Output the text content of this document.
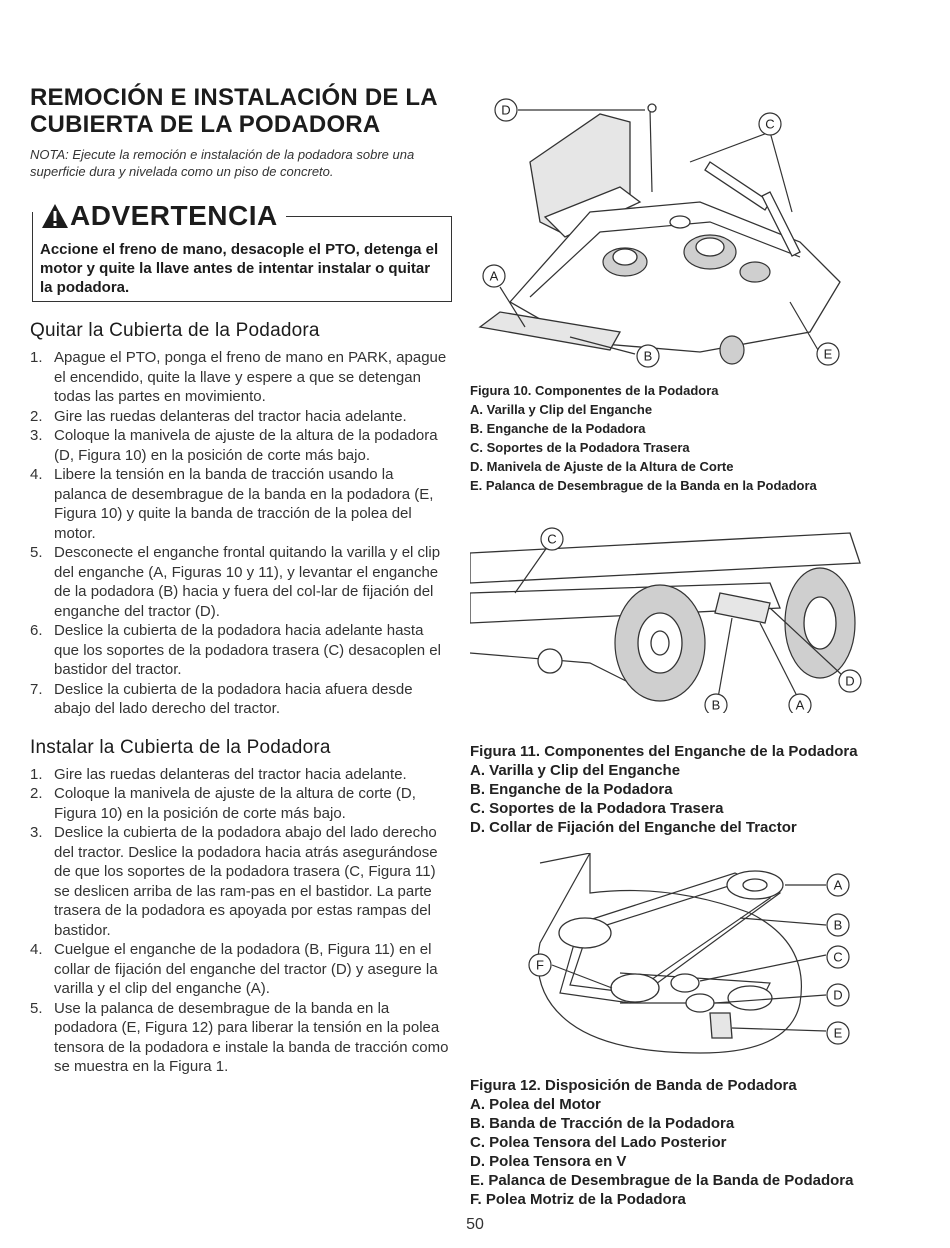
REMOCIÓN E INSTALACIÓN DE LA
CUBIERTA DE LA PODADORA

NOTA: Ejecute la remoción e instalación de la podadora sobre una superficie dura y nivelada como un piso de concreto.

ADVERTENCIA
Accione el freno de mano, desacople el PTO, detenga el motor y quite la llave antes de intentar instalar o quitar la podadora.
Quitar la Cubierta de la Podadora
1. Apague el PTO, ponga el freno de mano en PARK, apague el encendido, quite la llave y espere a que se detengan todas las partes en movimiento.
2. Gire las ruedas delanteras del tractor hacia adelante.
3. Coloque la manivela de ajuste de la altura de la podadora (D, Figura 10) en la posición de corte más bajo.
4. Libere la tensión en la banda de tracción usando la palanca de desembrague de la banda en la podadora (E, Figura 10) y quite la banda de tracción de la polea del motor.
5. Desconecte el enganche frontal quitando la varilla y el clip del enganche (A, Figuras 10 y 11), y levantar el enganche de la podadora (B) hacia y fuera del col-lar de fijación del enganche del tractor (D).
6. Deslice la cubierta de la podadora hacia adelante hasta que los soportes de la podadora trasera (C) desacoplen el bastidor del tractor.
7. Deslice la cubierta de la podadora hacia afuera desde abajo del lado derecho del tractor.
Instalar la Cubierta de la Podadora
1. Gire las ruedas delanteras del tractor hacia adelante.
2. Coloque la manivela de ajuste de la altura de corte (D, Figura 10) en la posición de corte más bajo.
3. Deslice la cubierta de la podadora abajo del lado derecho del tractor. Deslice la podadora hacia atrás asegurándose de que los soportes de la podadora trasera (C, Figura 11) se deslicen arriba de las ram-pas en el bastidor. La parte trasera de la podadora es apoyada por estas rampas del bastidor.
4. Cuelgue el enganche de la podadora (B, Figura 11) en el collar de fijación del enganche del tractor (D) y asegure la varilla y el clip del enganche (A).
5. Use la palanca de desembrague de la banda en la podadora (E, Figura 12) para liberar la tensión en la polea tensora de la podadora e instale la banda de tracción como se muestra en la Figura 1.
D
C
A
B	E
Figura 10. Componentes de la Podadora
A. Varilla y Clip del Enganche
B. Enganche de la Podadora
C. Soportes de la Podadora Trasera
D. Manivela de Ajuste de la Altura de Corte
E. Palanca de Desembrague de la Banda en la Podadora
C
B	A
D
Figura 11. Componentes del Enganche de la Podadora
A. Varilla y Clip del Enganche
B. Enganche de la Podadora
C. Soportes de la Podadora Trasera
D. Collar de Fijación del Enganche del Tractor
A
B
C
D
E
F
Figura 12. Disposición de Banda de Podadora
A. Polea del Motor
B. Banda de Tracción de la Podadora
C. Polea Tensora del Lado Posterior
D. Polea Tensora en V
E. Palanca de Desembrague de la Banda de Podadora
F. Polea Motriz de la Podadora
50
